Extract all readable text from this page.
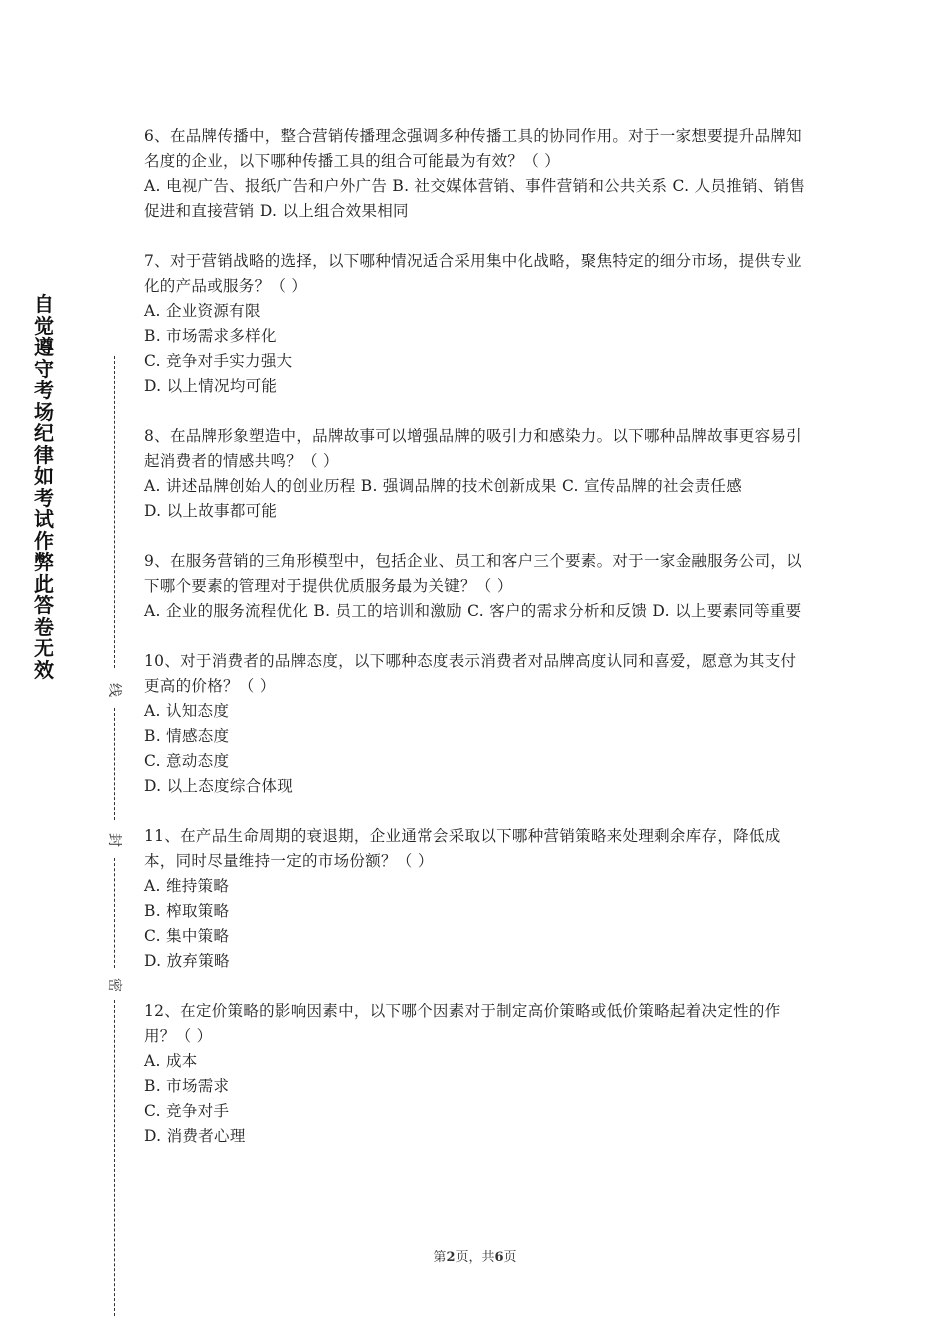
自觉遵守考场纪律如考试作弊此答卷无效
线
封
密

6、在品牌传播中，整合营销传播理念强调多种传播工具的协同作用。对于一家想要提升品牌知名度的企业，以下哪种传播工具的组合可能最为有效？（ ）

A. 电视广告、报纸广告和户外广告 B. 社交媒体营销、事件营销和公共关系 C. 人员推销、销售促进和直接营销 D. 以上组合效果相同

7、对于营销战略的选择，以下哪种情况适合采用集中化战略，聚焦特定的细分市场，提供专业化的产品或服务？（ ）

A. 企业资源有限

B. 市场需求多样化

C. 竞争对手实力强大

D. 以上情况均可能

8、在品牌形象塑造中，品牌故事可以增强品牌的吸引力和感染力。以下哪种品牌故事更容易引起消费者的情感共鸣？（ ）

A. 讲述品牌创始人的创业历程 B. 强调品牌的技术创新成果 C. 宣传品牌的社会责任感

D. 以上故事都可能

9、在服务营销的三角形模型中，包括企业、员工和客户三个要素。对于一家金融服务公司，以下哪个要素的管理对于提供优质服务最为关键？（ ）

A. 企业的服务流程优化 B. 员工的培训和激励 C. 客户的需求分析和反馈 D. 以上要素同等重要

10、对于消费者的品牌态度，以下哪种态度表示消费者对品牌高度认同和喜爱，愿意为其支付更高的价格？（ ）

A. 认知态度

B. 情感态度

C. 意动态度

D. 以上态度综合体现

11、在产品生命周期的衰退期，企业通常会采取以下哪种营销策略来处理剩余库存，降低成本，同时尽量维持一定的市场份额？（ ）

A. 维持策略

B. 榨取策略

C. 集中策略

D. 放弃策略

12、在定价策略的影响因素中，以下哪个因素对于制定高价策略或低价策略起着决定性的作用？（ ）

A. 成本

B. 市场需求

C. 竞争对手

D. 消费者心理

第2页，共6页
